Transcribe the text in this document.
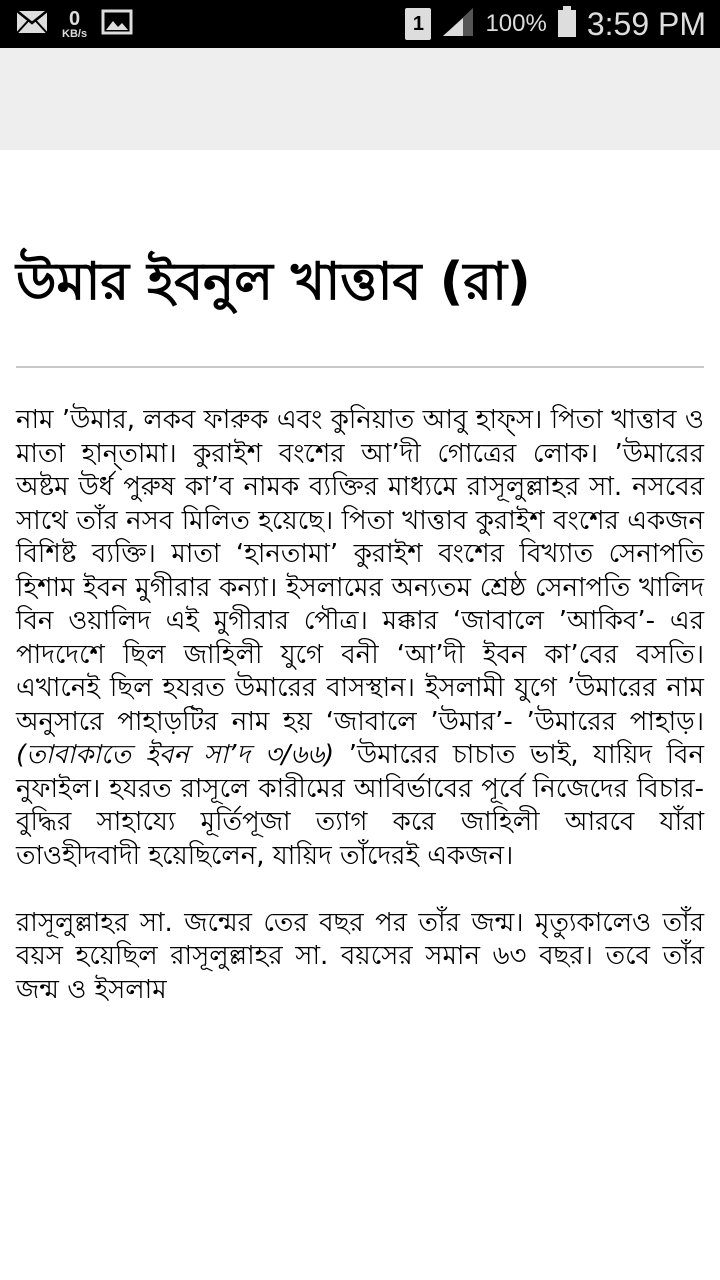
0
KB/s	1	100% 3:59 PM
উমার ইবনুল খাত্তাব (রা)

নাম ’উমার, লকব ফারুক এবং কুনিয়াত আবু হাফ্‌স। পিতা খাত্তাব ও মাতা হান্‌তামা। কুরাইশ বংশের আ’দী গোত্রের লোক। ’উমারের অষ্টম উর্ধ পুরুষ কা’ব নামক ব্যক্তির মাধ্যমে রাসূলুল্লাহর সা. নসবের সাথে তাঁর নসব মিলিত হয়েছে। পিতা খাত্তাব কুরাইশ বংশের একজন বিশিষ্ট ব্যক্তি। মাতা ‘হানতামা’ কুরাইশ বংশের বিখ্যাত সেনাপতি হিশাম ইবন মুগীরার কন্যা। ইসলামের অন্যতম শ্রেষ্ঠ সেনাপতি খালিদ বিন ওয়ালিদ এই মুগীরার পৌত্র। মক্কার ‘জাবালে ’আকিব’- এর পাদদেশে ছিল জাহিলী যুগে বনী ‘আ’দী ইবন কা’বের বসতি। এখানেই ছিল হযরত উমারের বাসস্থান। ইসলামী যুগে ’উমারের নাম অনুসারে পাহাড়টির নাম হয় ‘জাবালে ’উমার’- ’উমারের পাহাড়। (তাবাকাতে ইবন সা’দ ৩/৬৬) ’উমারের চাচাত ভাই, যায়িদ বিন নুফাইল। হযরত রাসূলে কারীমের আবির্ভাবের পূর্বে নিজেদের বিচার-বুদ্ধির সাহায্যে মূর্তিপূজা ত্যাগ করে জাহিলী আরবে যাঁরা তাওহীদবাদী হয়েছিলেন, যায়িদ তাঁদেরই একজন।

রাসূলুল্লাহর সা. জন্মের তের বছর পর তাঁর জন্ম। মৃত্যুকালেও তাঁর বয়স হয়েছিল রাসূলুল্লাহর সা. বয়সের সমান ৬৩ বছর। তবে তাঁর জন্ম ও ইসলাম
